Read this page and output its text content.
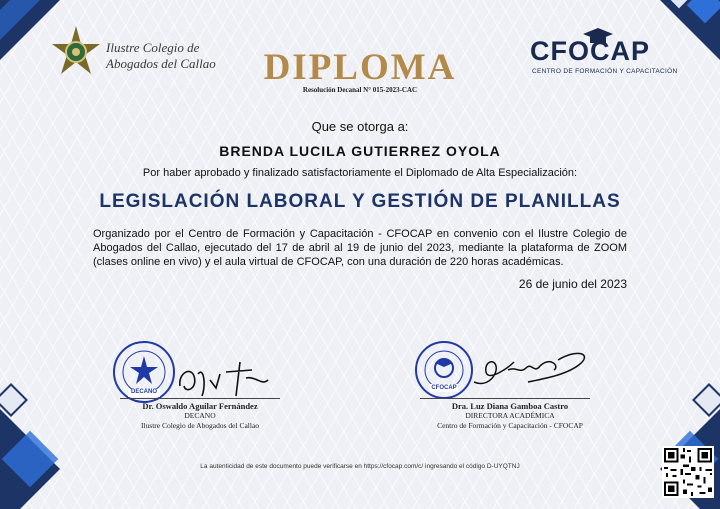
Ilustre Colegio de
Abogados del Callao	DIPLOMA
Resolución Decanal N° 015-2023-CAC
CFOCAP
CENTRO DE FORMACIÓN Y CAPACITACIÓN
Que se otorga a:
BRENDA LUCILA GUTIERREZ OYOLA
Por haber aprobado y finalizado satisfactoriamente el Diplomado de Alta Especialización:
LEGISLACIÓN LABORAL Y GESTIÓN DE PLANILLAS
Organizado por el Centro de Formación y Capacitación - CFOCAP en convenio con el Ilustre Colegio de Abogados del Callao, ejecutado del 17 de abril al 19 de junio del 2023, mediante la plataforma de ZOOM (clases online en vivo) y el aula virtual de CFOCAP, con una duración de 220 horas académicas.
26 de junio del 2023
DECANO
Dr. Oswaldo Aguilar Fernández
DECANO
Ilustre Colegio de Abogados del Callao
CFOCAP
Dra. Luz Diana Gamboa Castro
DIRECTORA ACADÉMICA
Centro de Formación y Capacitación - CFOCAP
La autenticidad de este documento puede verificarse en https://cfocap.com/c/ ingresando el código D-UYQTNJ
